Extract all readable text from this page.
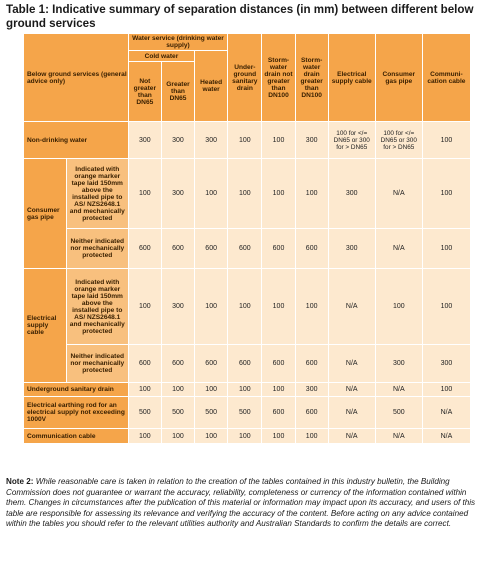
Table 1: Indicative summary of separation distances (in mm) between different below ground services
Below ground services (general advice only)		Water service (drinking water supply)			Under-ground sanitary drain	Storm-water drain not greater than DN100	Storm-water drain greater than DN100	Electrical supply cable	Consumer gas pipe	Communi-cation cable
		Cold water		Heated water						
		Not greater than DN65	Greater than DN65							
Non-drinking water		300	300	300	100	100	300	100 for </= DN65 or 300 for > DN65	100 for </= DN65 or 300 for > DN65	100
Consumer gas pipe	Indicated with orange marker tape laid 150mm above the installed pipe to AS/ NZS2648.1 and mechanically protected	100	300	100	100	100	100	300	N/A	100
	Neither indicated nor mechanically protected	600	600	600	600	600	600	300	N/A	100
Electrical supply cable	Indicated with orange marker tape laid 150mm above the installed pipe to AS/ NZS2648.1 and mechanically protected	100	300	100	100	100	100	N/A	100	100
	Neither indicated nor mechanically protected	600	600	600	600	600	600	N/A	300	300
Underground sanitary drain		100	100	100	100	100	300	N/A	N/A	100
Electrical earthing rod for an electrical supply not exceeding 1000V		500	500	500	500	600	600	N/A	500	N/A
Communication cable		100	100	100	100	100	100	N/A	N/A	N/A
Note 2: While reasonable care is taken in relation to the creation of the tables contained in this industry bulletin, the Building Commission does not guarantee or warrant the accuracy, reliability, completeness or currency of the information contained within them. Changes in circumstances after the publication of this material or information may impact upon its accuracy, and users of this table are responsible for assessing its relevance and verifying the accuracy of the content. Before acting on any advice contained within the tables you should refer to the relevant utilities authority and Australian Standards to confirm the details are correct.
